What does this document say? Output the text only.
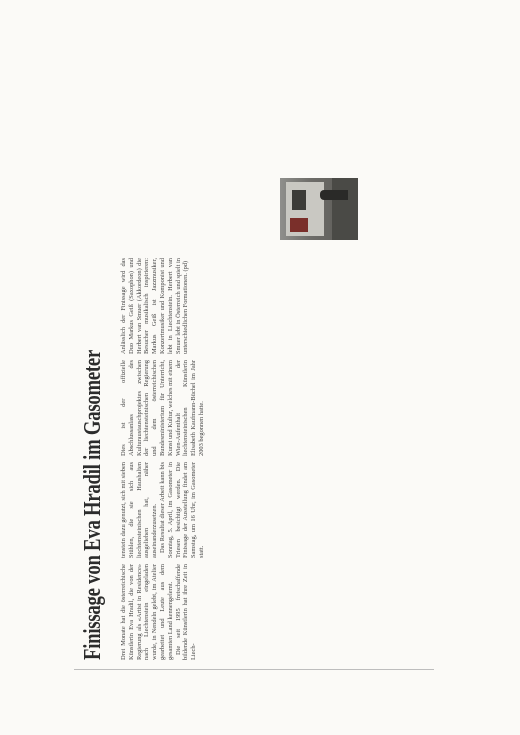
Finissage von Eva Hradil im Gasometer Drei Monate hat die österreichische Künstlerin Eva Hradil, die von der Regierung als «Artist in Residence» nach Liechtenstein eingeladen wurde, in Nendeln gelebt, im Atelier gearbeitet und Leute aus dem gesamten Land kennengelernt. Die seit 1995 freischaffende bildende Künstlerin hat ihre Zeit in Liech-

tenstein dazu genutzt, sich mit sieben Stühlen, die sie sich aus liechtensteinischen Haushalten ausgeliehen hat, näher auseinanderzusetzen. Das Resultat dieser Arbeit kann bis Sonntag, 5. April, im Gasometer in Triesen besichtigt werden. Die Finissage der Ausstellung findet am Samstag, um 16 Uhr, im Gasometer statt.

Dies ist der offizielle Abschlussanlass des Kulturaustauschprojektes zwischen der liechtensteinischen Regierung und dem österreichischen Bundesministerium für Unterricht, Kunst und Kultur, welches mit einem Wien-Aufenthalt der liechtensteinischen Künstlerin Elisabeth Kaufmann-Büchel im Jahr 2003 begonnen hatte.

Anlässlich der Finissage wird das Duo Markus Geiß (Saxophon) und Herbert van Smuer (Akkordeon) die Besucher musikalisch inspirieren: Markus Geiß ist Jazzmusiker, Konzertmusiker und Komponist und lebt in Liechtenstein. Herbert van Smuer lebt in Österreich und spielt in unterschiedlichen Formationen. (pd)
